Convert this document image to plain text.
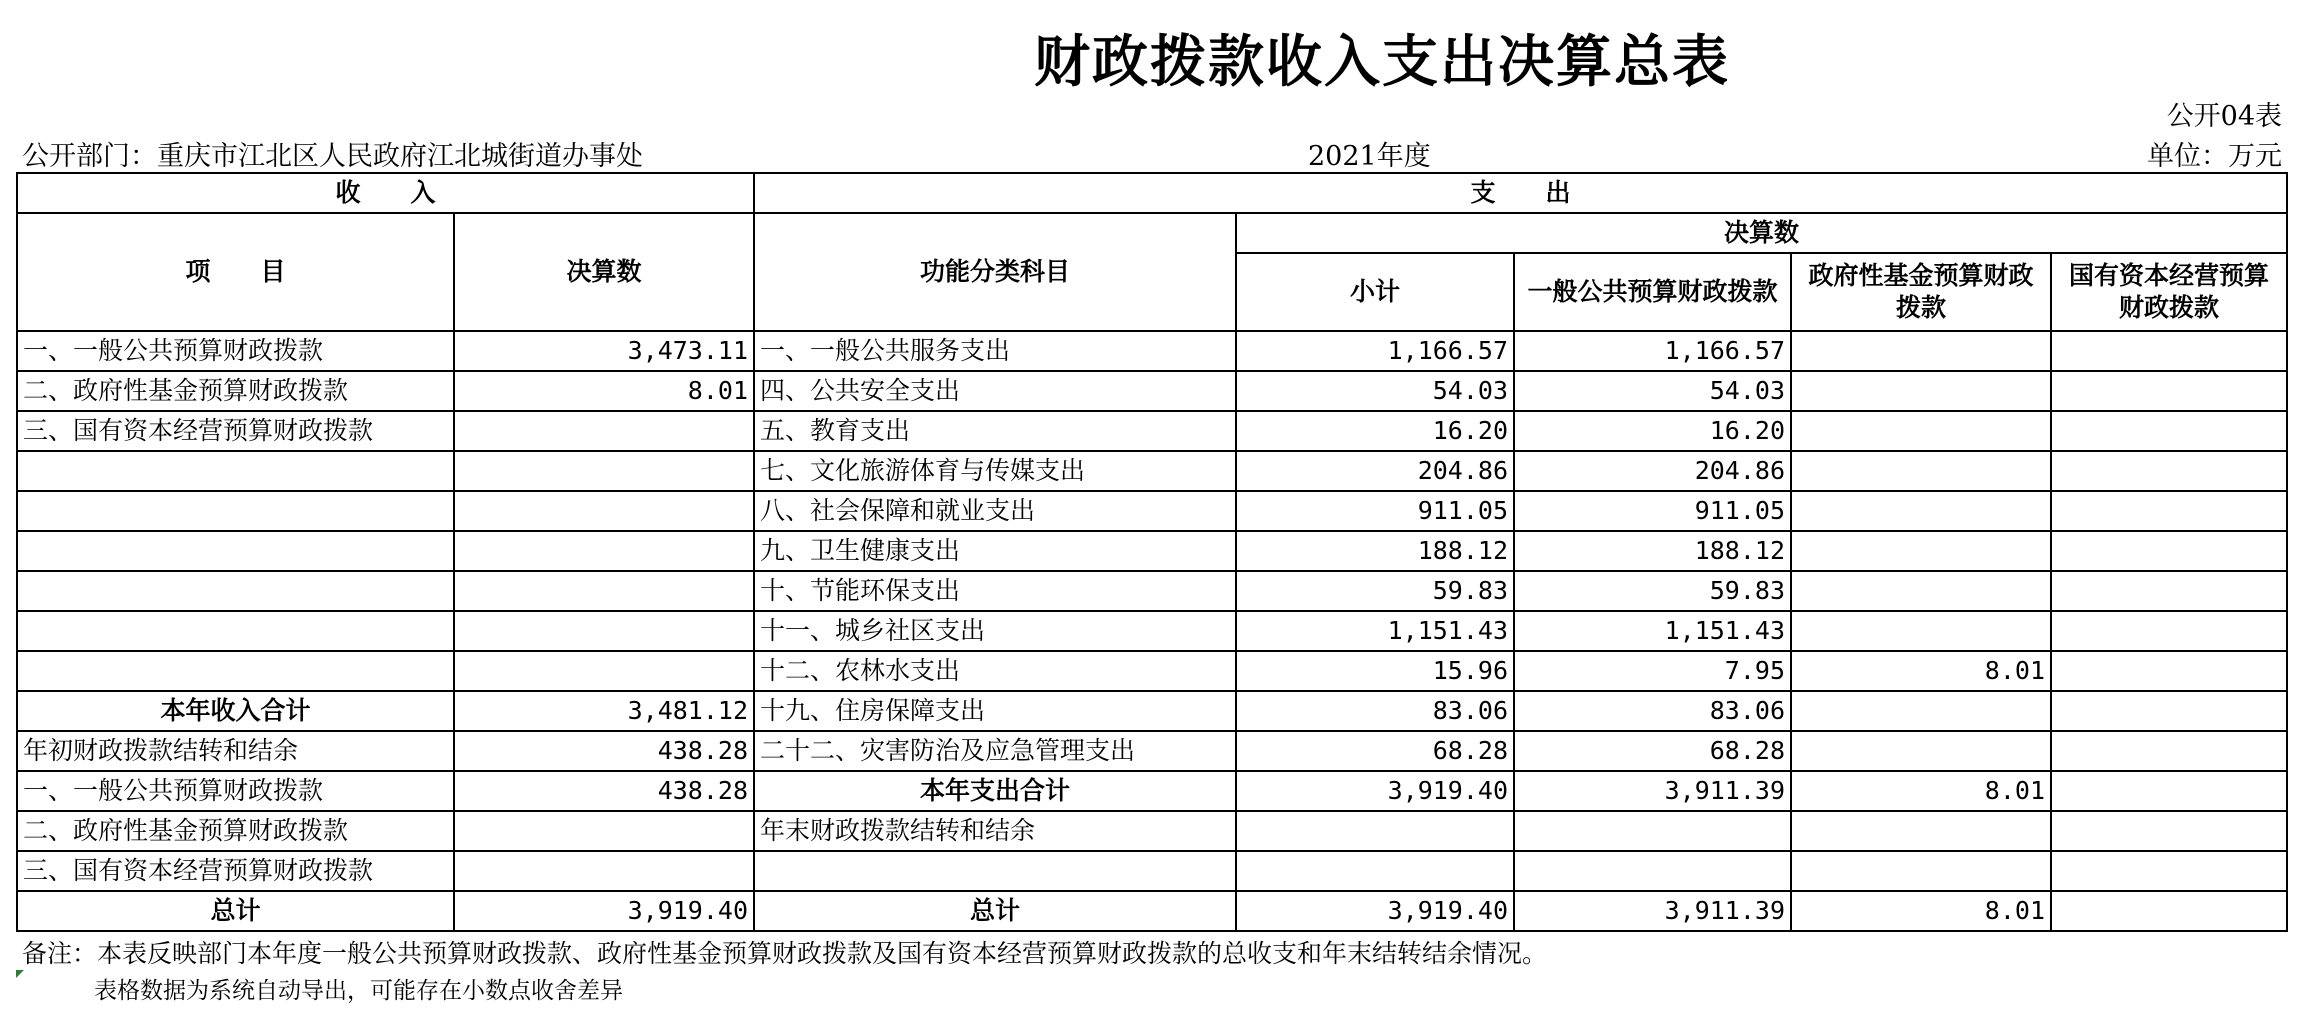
财政拨款收入支出决算总表
公开04表
公开部门：重庆市江北区人民政府江北城街道办事处	2021年度	单位：万元
收　　入		支　　出				
项　　目	决算数	功能分类科目	决算数			
			小计	一般公共预算财政拨款	政府性基金预算财政拨款	国有资本经营预算财政拨款
一、一般公共预算财政拨款	3,473.11	一、一般公共服务支出	1,166.57	1,166.57		
二、政府性基金预算财政拨款	8.01	四、公共安全支出	54.03	54.03		
三、国有资本经营预算财政拨款		五、教育支出	16.20	16.20		
		七、文化旅游体育与传媒支出	204.86	204.86		
		八、社会保障和就业支出	911.05	911.05		
		九、卫生健康支出	188.12	188.12		
		十、节能环保支出	59.83	59.83		
		十一、城乡社区支出	1,151.43	1,151.43		
		十二、农林水支出	15.96	7.95	8.01	
本年收入合计	3,481.12	十九、住房保障支出	83.06	83.06		
年初财政拨款结转和结余	438.28	二十二、灾害防治及应急管理支出	68.28	68.28		
一、一般公共预算财政拨款	438.28	本年支出合计	3,919.40	3,911.39	8.01	
二、政府性基金预算财政拨款		年末财政拨款结转和结余				
三、国有资本经营预算财政拨款						
总计	3,919.40	总计	3,919.40	3,911.39	8.01	
备注：本表反映部门本年度一般公共预算财政拨款、政府性基金预算财政拨款及国有资本经营预算财政拨款的总收支和年末结转结余情况。
表格数据为系统自动导出，可能存在小数点收舍差异
